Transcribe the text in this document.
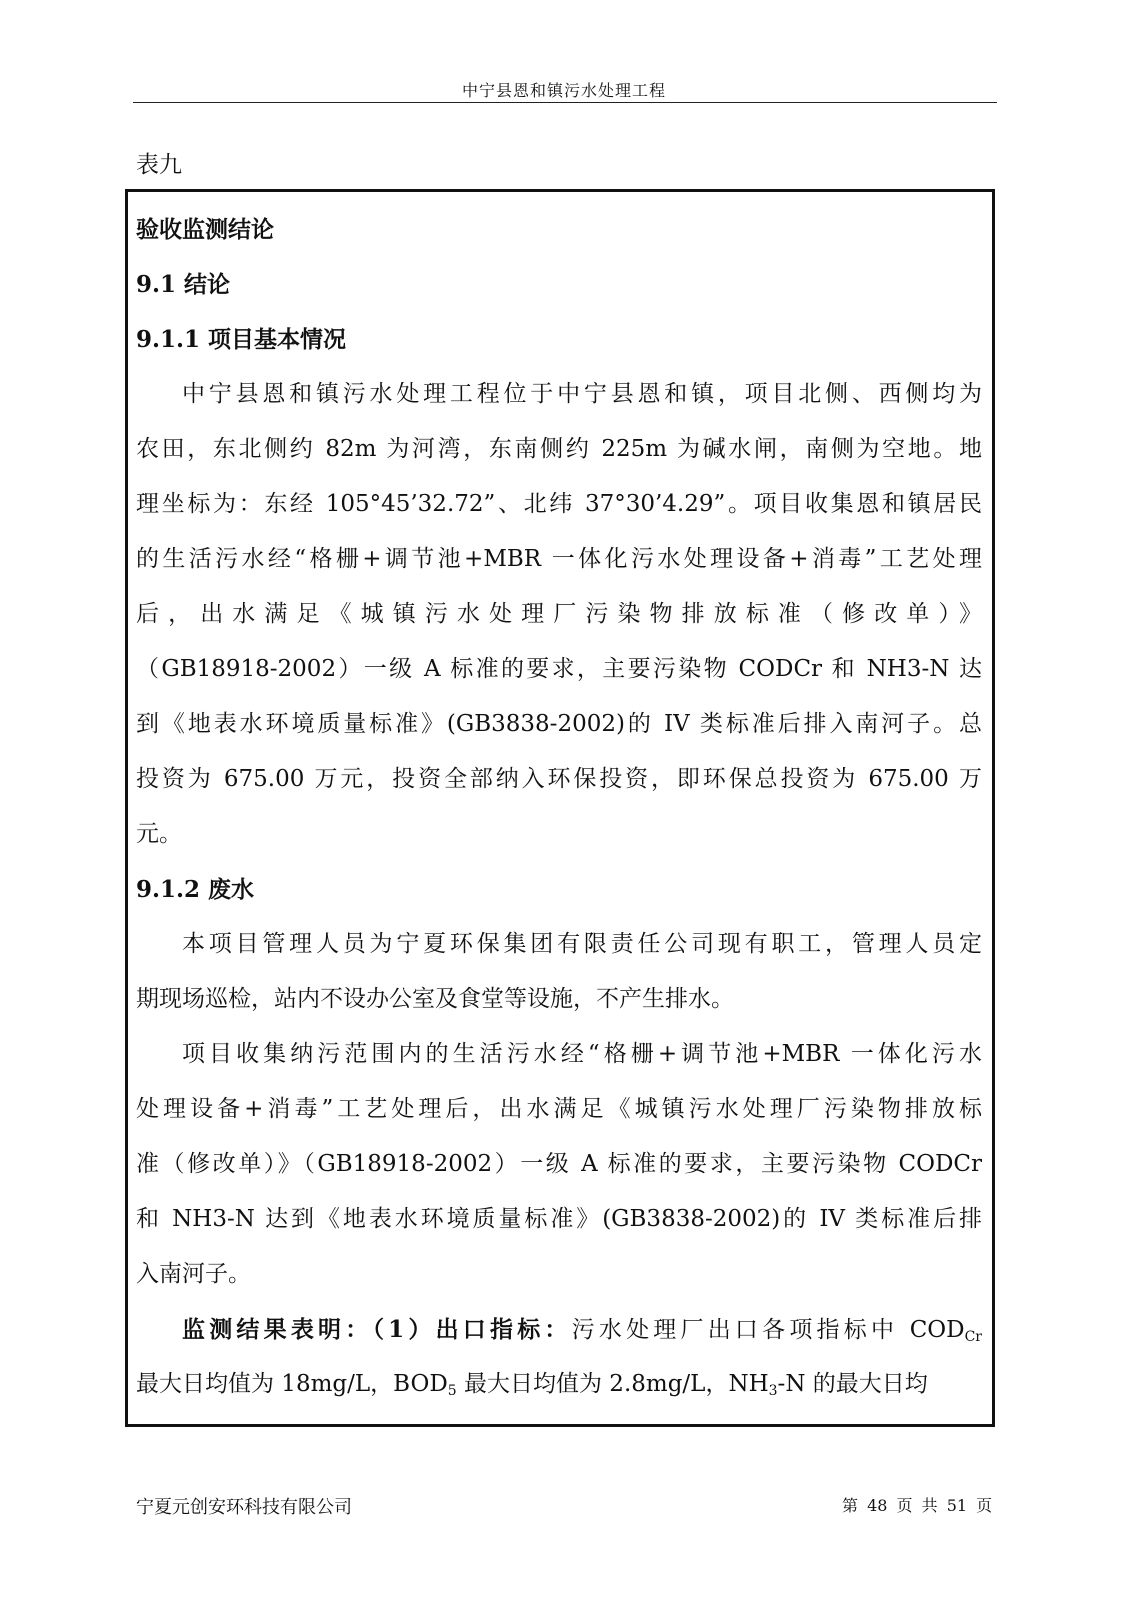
中宁县恩和镇污水处理工程
表九
验收监测结论
9.1 结论
9.1.1 项目基本情况
中宁县恩和镇污水处理工程位于中宁县恩和镇，项目北侧、西侧均为
农田，东北侧约 82m 为河湾，东南侧约 225m 为碱水闸，南侧为空地。地
理坐标为：东经 105°45’32.72”、北纬 37°30’4.29”。项目收集恩和镇居民
的生活污水经“格栅+调节池+MBR 一体化污水处理设备+消毒”工艺处理
后，出水满足《城镇污水处理厂污染物排放标准（修改单）》
（GB18918-2002）一级 A 标准的要求，主要污染物 CODCr 和 NH3-N 达
到《地表水环境质量标准》(GB3838-2002)的 IV 类标准后排入南河子。总
投资为 675.00 万元，投资全部纳入环保投资，即环保总投资为 675.00 万
元。
9.1.2 废水
本项目管理人员为宁夏环保集团有限责任公司现有职工，管理人员定
期现场巡检，站内不设办公室及食堂等设施，不产生排水。
项目收集纳污范围内的生活污水经“格栅+调节池+MBR 一体化污水
处理设备+消毒”工艺处理后，出水满足《城镇污水处理厂污染物排放标
准（修改单）》（GB18918-2002）一级 A 标准的要求，主要污染物 CODCr
和 NH3-N 达到《地表水环境质量标准》(GB3838-2002)的 IV 类标准后排
入南河子。
监测结果表明：（1）出口指标：污水处理厂出口各项指标中 $COD_{Cr}$
最大日均值为 18mg/L，$BOD_5$ 最大日均值为 2.8mg/L，$NH_3-N$ 的最大日均
宁夏元创安环科技有限公司	第 48 页 共 51 页
